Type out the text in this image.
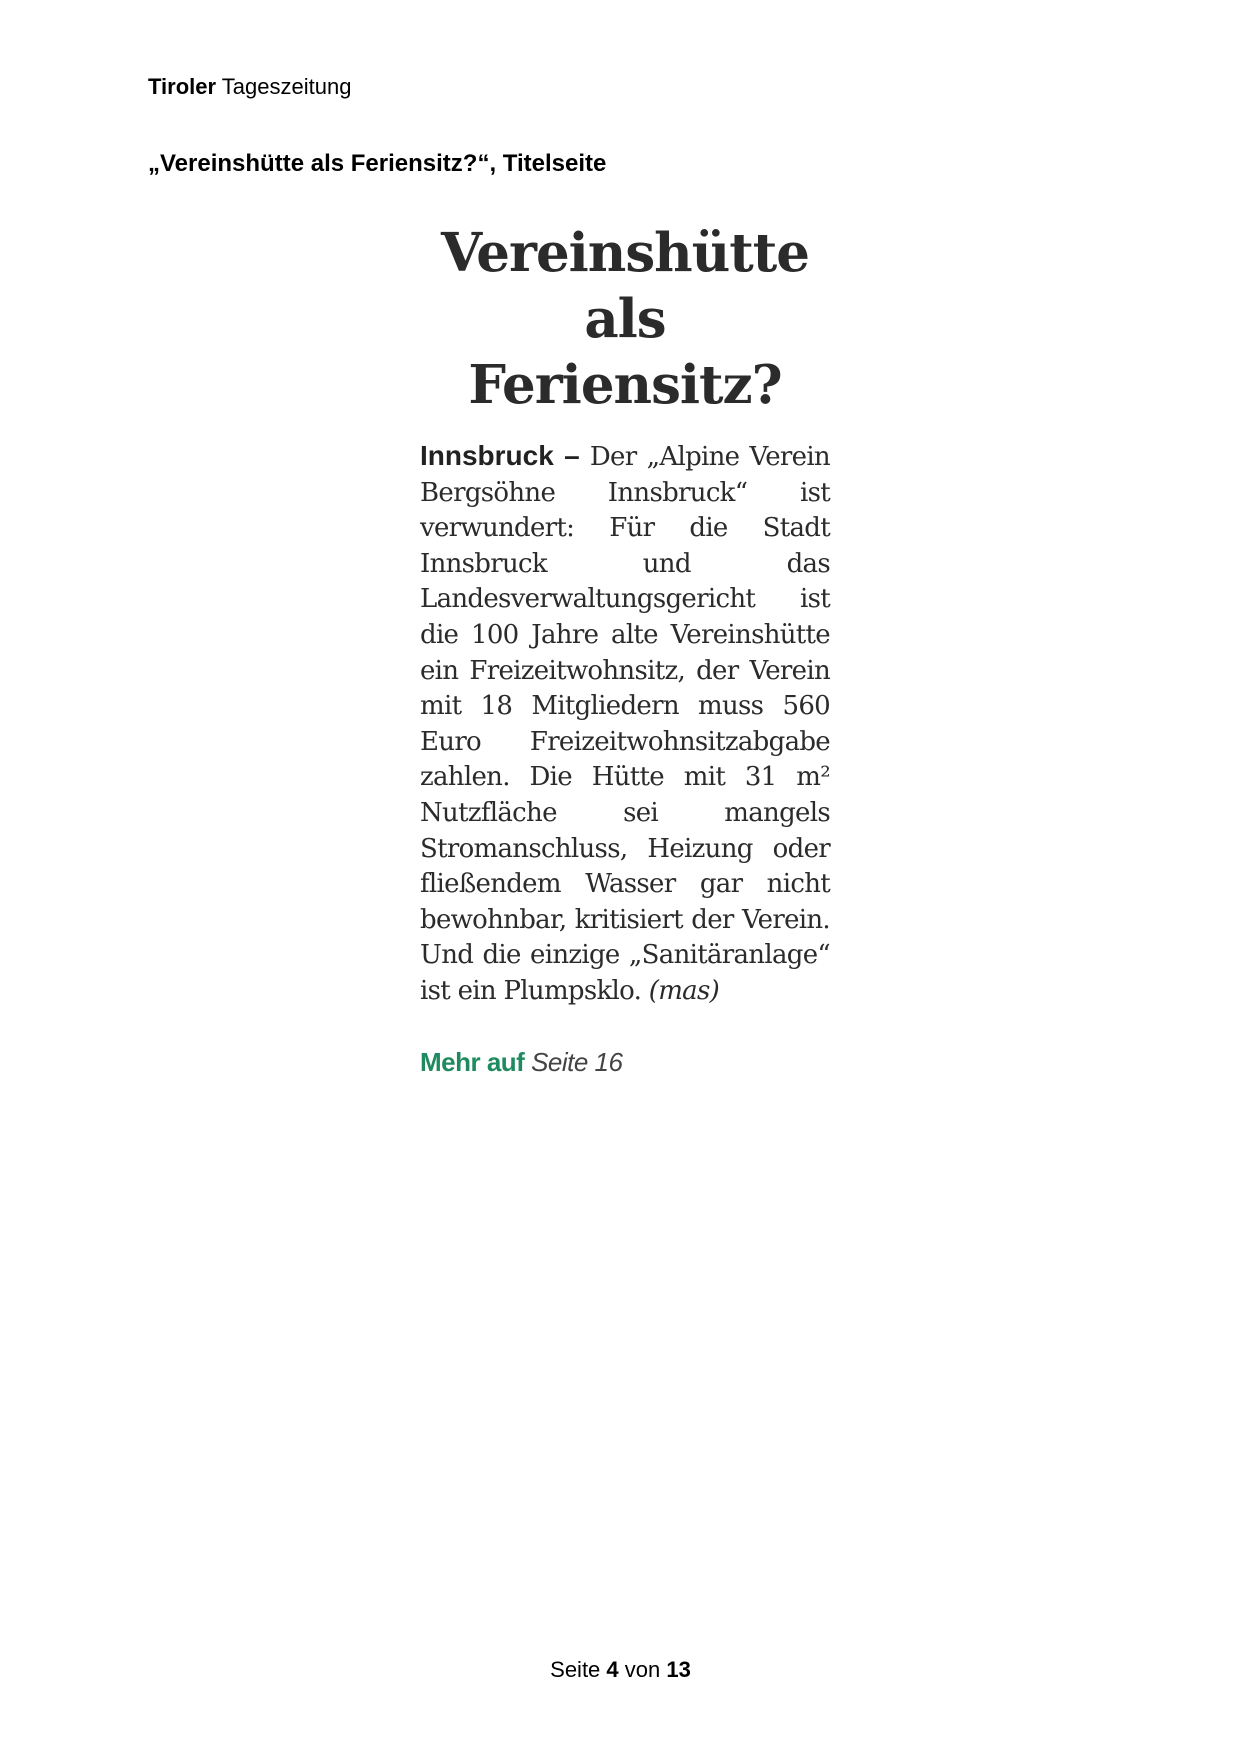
Tiroler Tageszeitung
„Vereinshütte als Feriensitz?“, Titelseite
Vereinshütte
als Feriensitz?
Innsbruck – Der „Alpine Verein Bergsöhne Innsbruck“ ist verwundert: Für die Stadt Innsbruck und das Landesverwaltungsgericht ist die 100 Jahre alte Vereinshütte ein Freizeitwohnsitz, der Verein mit 18 Mitgliedern muss 560 Euro Freizeitwohnsitzabgabe zahlen. Die Hütte mit 31 m² Nutzfläche sei mangels Stromanschluss, Heizung oder fließendem Wasser gar nicht bewohnbar, kritisiert der Verein. Und die einzige „Sanitäranlage“ ist ein Plumpsklo. (mas)
Mehr auf Seite 16
Seite 4 von 13
